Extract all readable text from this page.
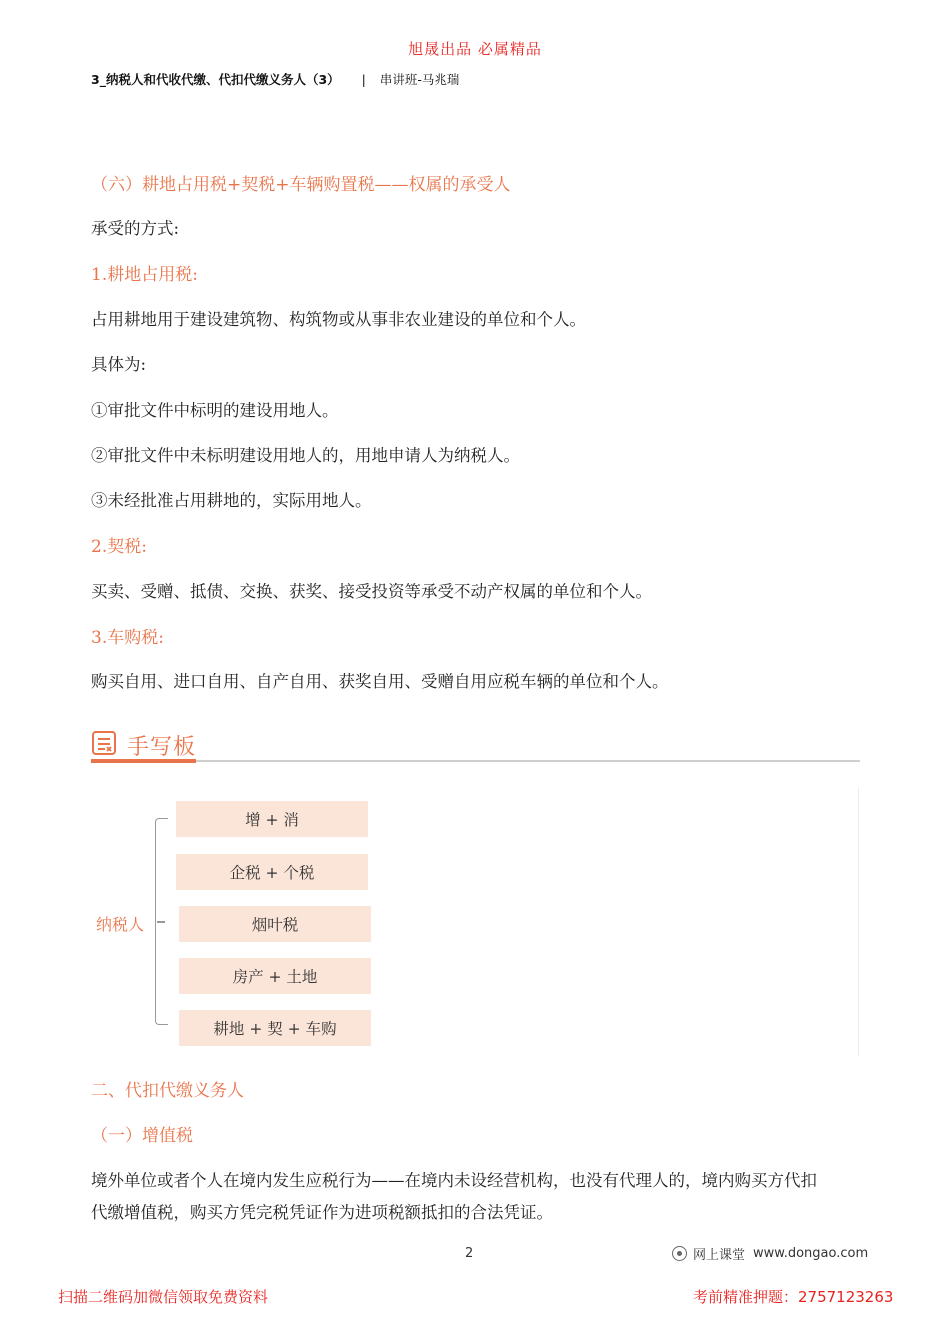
旭晟出品 必属精品
3_纳税人和代收代缴、代扣代缴义务人（3） | 串讲班-马兆瑞
（六）耕地占用税+契税+车辆购置税——权属的承受人
承受的方式:
1.耕地占用税:
占用耕地用于建设建筑物、构筑物或从事非农业建设的单位和个人。
具体为:
①审批文件中标明的建设用地人。
②审批文件中未标明建设用地人的，用地申请人为纳税人。
③未经批准占用耕地的，实际用地人。
2.契税:
买卖、受赠、抵债、交换、获奖、接受投资等承受不动产权属的单位和个人。
3.车购税:
购买自用、进口自用、自产自用、获奖自用、受赠自用应税车辆的单位和个人。
手写板
纳税人
增 + 消
企税 + 个税
烟叶税
房产 + 土地
耕地 + 契 + 车购
二、代扣代缴义务人
（一）增值税
境外单位或者个人在境内发生应税行为——在境内未设经营机构，也没有代理人的，境内购买方代扣
代缴增值税，购买方凭完税凭证作为进项税额抵扣的合法凭证。
2	网上课堂 www.dongao.com
扫描二维码加微信领取免费资料	考前精准押题：2757123263
